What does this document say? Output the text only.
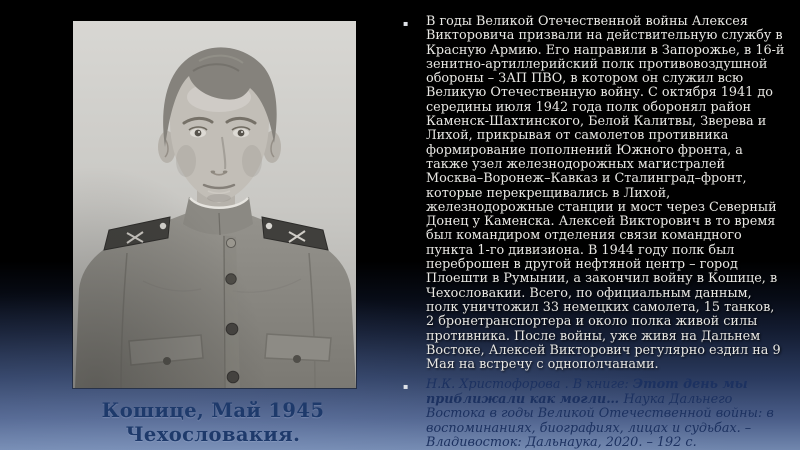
Кошице, Май 1945
Чехословакия.
▪	В годы Великой Отечественной войны Алексея Викторовича призвали на действительную службу в Красную Армию. Его направили в Запорожье, в 16-й зенитно-артиллерийский полк противовоздушной обороны – ЗАП ПВО, в котором он служил всю Великую Отечественную войну. С октября 1941 до середины июля 1942 года полк оборонял район Каменск-Шахтинского, Белой Калитвы, Зверева и Лихой, прикрывая от самолетов противника формирование пополнений Южного фронта, а также узел железнодорожных магистралей Москва–Воронеж–Кавказ и Сталинград–фронт, которые перекрещивались в Лихой, железнодорожные станции и мост через Северный Донец у Каменска. Алексей Викторович в то время был командиром отделения связи командного пункта 1-го дивизиона. В 1944 году полк был переброшен в другой нефтяной центр – город Плоешти в Румынии, а закончил войну в Кошице, в Чехословакии. Всего, по официальным данным, полк уничтожил 33 немецких самолета, 15 танков, 2 бронетранспортера и около полка живой силы противника. После войны, уже живя на Дальнем Востоке, Алексей Викторович регулярно ездил на 9 Мая на встречу с однополчанами.

▪	Н.К. Христофорова . В книге: Этот день мы приближали как могли… Наука Дальнего Востока в годы Великой Отечественной войны: в воспоминаниях, биографиях, лицах и судьбах. – Владивосток: Дальнаука, 2020. – 192 с.
